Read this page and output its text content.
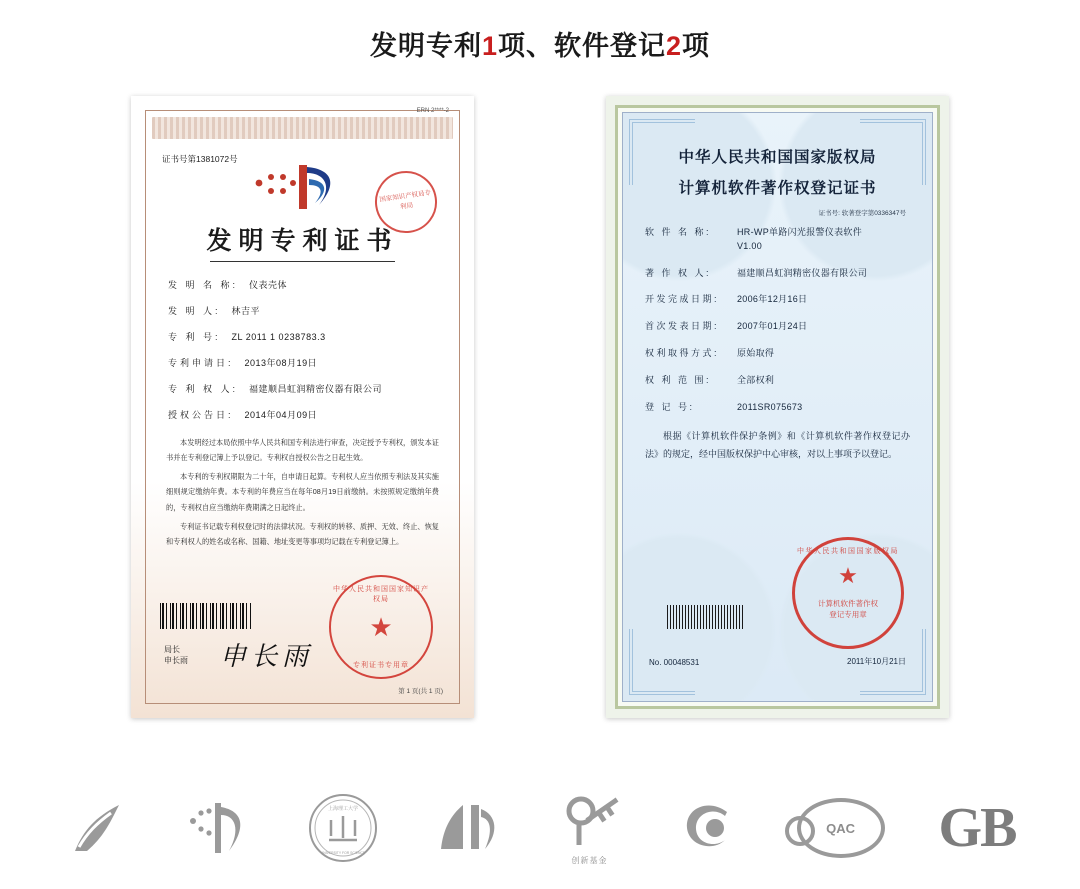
发明专利1项、软件登记2项
ERN 2****-2
证书号第1381072号
国家知识产权局专利局
发明专利证书
发 明 名 称: 仪表壳体
发 明 人: 林吉平
专 利 号: ZL 2011 1 0238783.3
专利申请日: 2013年08月19日
专 利 权 人: 福建顺昌虹润精密仪器有限公司
授权公告日: 2014年04月09日

本发明经过本局依照中华人民共和国专利法进行审查，决定授予专利权，颁发本证书并在专利登记簿上予以登记。专利权自授权公告之日起生效。

本专利的专利权期限为二十年，自申请日起算。专利权人应当依照专利法及其实施细则规定缴纳年费。本专利的年费应当在每年08月19日前缴纳。未按照规定缴纳年费的，专利权自应当缴纳年费期满之日起终止。

专利证书记载专利权登记时的法律状况。专利权的转移、质押、无效、终止、恢复和专利权人的姓名或名称、国籍、地址变更等事项均记载在专利登记簿上。

局长
申长雨 申长雨
中华人民共和国国家知识产权局
★
专利证书专用章
第 1 页(共 1 页)
中华人民共和国国家版权局
计算机软件著作权登记证书
证书号: 软著登字第0336347号
软 件 名 称:	HR-WP单路闪光报警仪表软件
V1.00
著 作 权 人:	福建顺昌虹润精密仪器有限公司
开发完成日期:	2006年12月16日
首次发表日期:	2007年01月24日
权利取得方式:	原始取得
权 利 范 围:	全部权利
登 记 号:	2011SR075673

根据《计算机软件保护条例》和《计算机软件著作权登记办法》的规定，经中国版权保护中心审核，对以上事项予以登记。

中华人民共和国国家版权局
★
计算机软件著作权
登记专用章
No. 00048531	2011年10月21日
上海理工大学
UNIVERSITY FOR SCIENCE
创新基金
QAC GB
